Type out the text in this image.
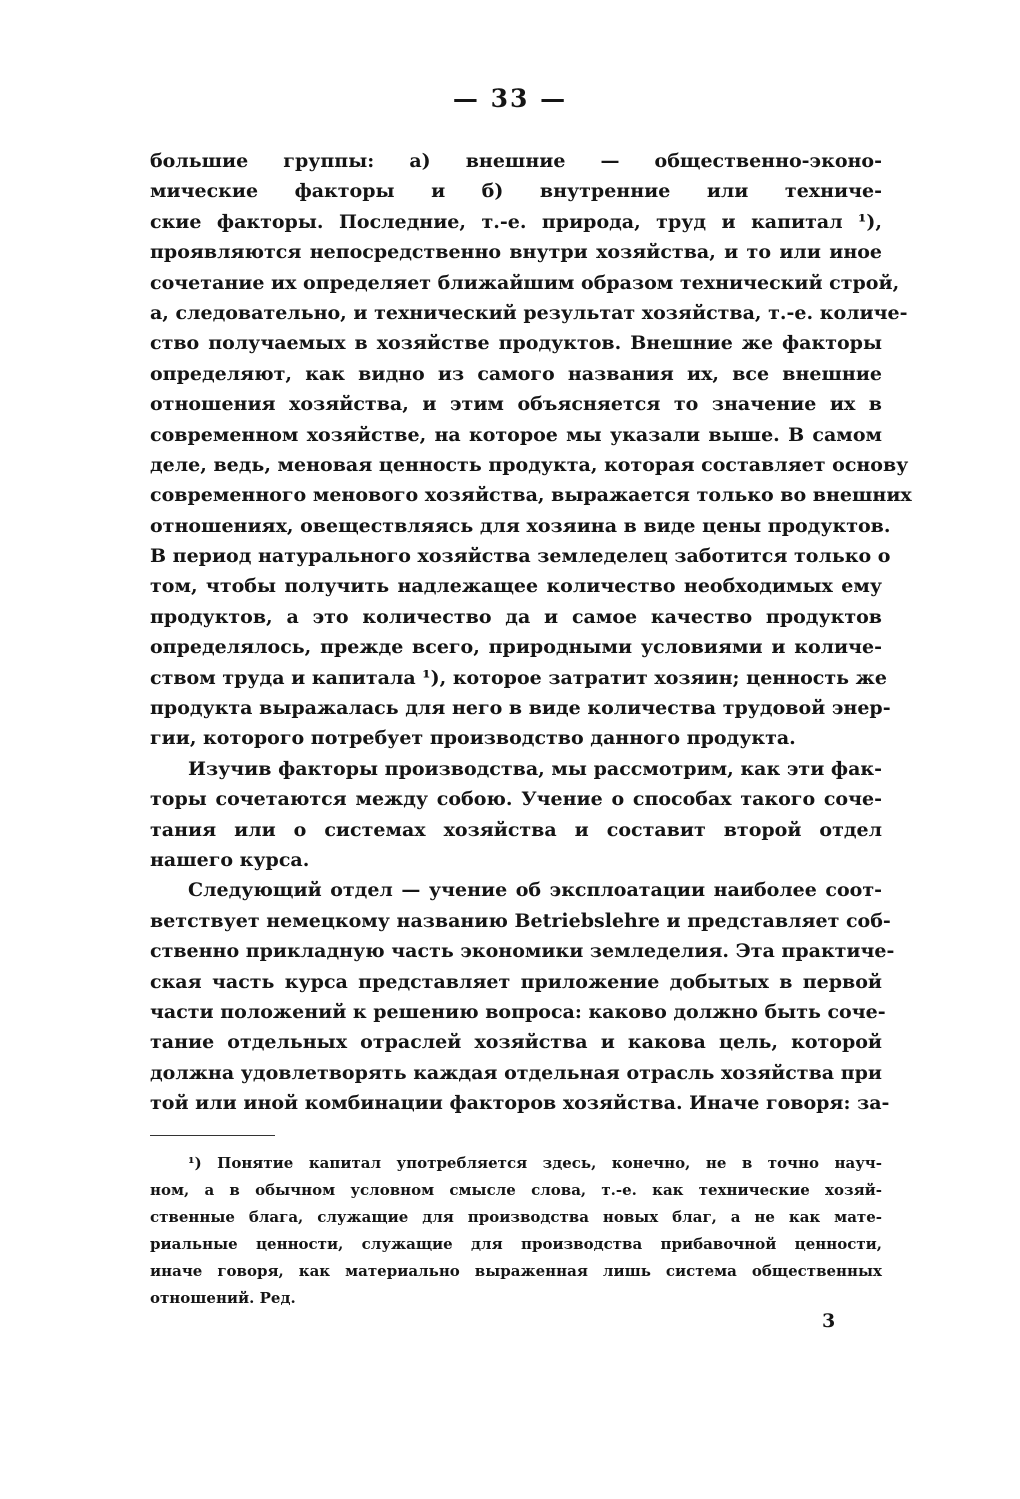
— 33 —
большие группы: а) внешние — общественно-эконо-
мические факторы и б) внутренние или техниче-
ские факторы. Последние, т.-е. природа, труд и капитал ¹),
проявляются непосредственно внутри хозяйства, и то или иное
сочетание их определяет ближайшим образом технический строй,
а, следовательно, и технический результат хозяйства, т.-е. количе-
ство получаемых в хозяйстве продуктов. Внешние же факторы
определяют, как видно из самого названия их, все внешние
отношения хозяйства, и этим объясняется то значение их в
современном хозяйстве, на которое мы указали выше. В самом
деле, ведь, меновая ценность продукта, которая составляет основу
современного менового хозяйства, выражается только во внешних
отношениях, овеществляясь для хозяина в виде цены продуктов.
В период натурального хозяйства земледелец заботится только о
том, чтобы получить надлежащее количество необходимых ему
продуктов, а это количество да и самое качество продуктов
определялось, прежде всего, природными условиями и количе-
ством труда и капитала ¹), которое затратит хозяин; ценность же
продукта выражалась для него в виде количества трудовой энер-
гии, которого потребует производство данного продукта.
Изучив факторы производства, мы рассмотрим, как эти фак-
торы сочетаются между собою. Учение о способах такого соче-
тания или о системах хозяйства и составит второй отдел
нашего курса.
Следующий отдел — учение об эксплоатации наиболее соот-
ветствует немецкому названию Betriebslehre и представляет соб-
ственно прикладную часть экономики земледелия. Эта практиче-
ская часть курса представляет приложение добытых в первой
части положений к решению вопроса: каково должно быть соче-
тание отдельных отраслей хозяйства и какова цель, которой
должна удовлетворять каждая отдельная отрасль хозяйства при
той или иной комбинации факторов хозяйства. Иначе говоря: за-
¹) Понятие капитал употребляется здесь, конечно, не в точно науч-
ном, а в обычном условном смысле слова, т.-е. как технические хозяй-
ственные блага, служащие для производства новых благ, а не как мате-
риальные ценности, служащие для производства прибавочной ценности,
иначе говоря, как материально выраженная лишь система общественных
отношений. Ред.
3
